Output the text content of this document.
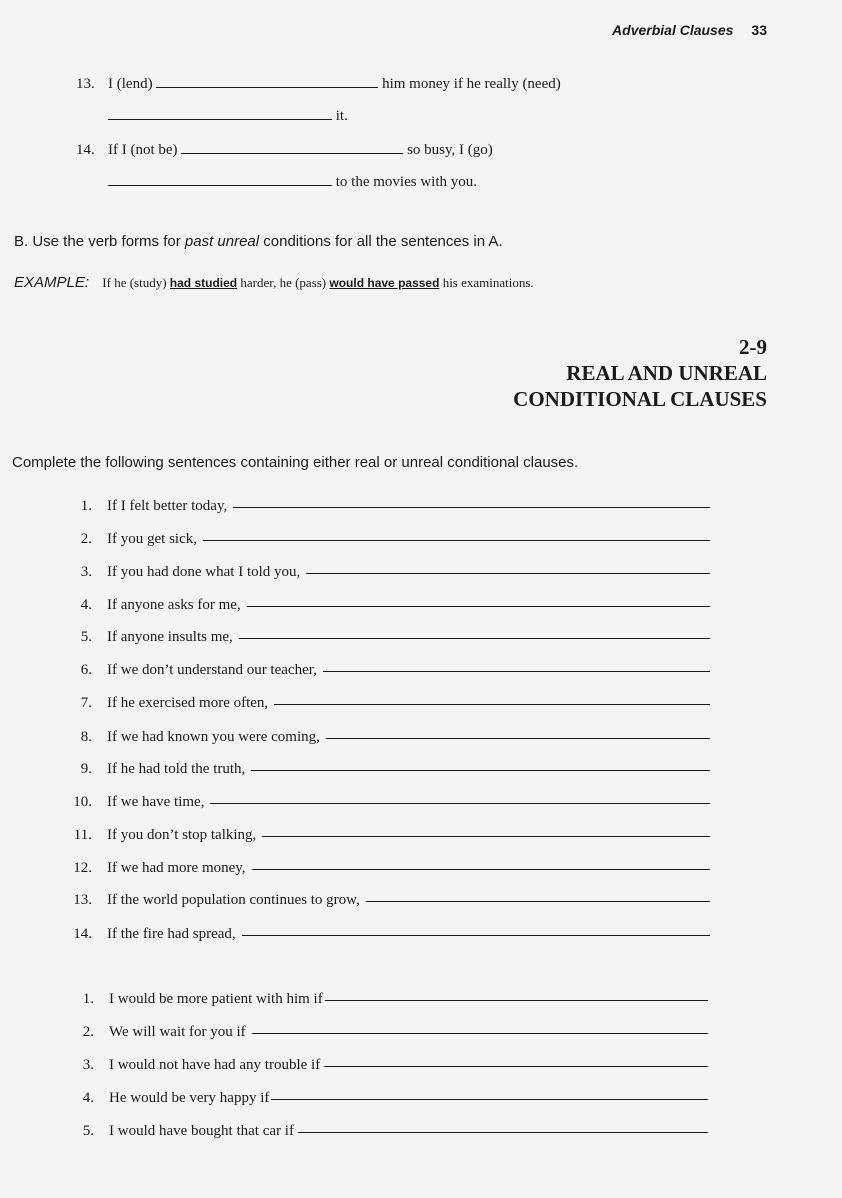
Adverbial Clauses 33
13. I (lend)	him money if he really (need)
it.
14. If I (not be)	so busy, I (go)
to the movies with you.
B. Use the verb forms for past unreal conditions for all the sentences in A.
EXAMPLE: If he (study) had studied harder, he (pass) would have passed his examinations.
2-9
REAL AND UNREAL
CONDITIONAL CLAUSES
Complete the following sentences containing either real or unreal conditional clauses.
1. If I felt better today,
2. If you get sick,
3. If you had done what I told you,
4. If anyone asks for me,
5. If anyone insults me,
6. If we don’t understand our teacher,
7. If he exercised more often,
8. If we had known you were coming,
9. If he had told the truth,
10. If we have time,
11. If you don’t stop talking,
12. If we had more money,
13. If the world population continues to grow,
14. If the fire had spread,
1. I would be more patient with him if
2. We will wait for you if
3. I would not have had any trouble if
4. He would be very happy if
5. I would have bought that car if
